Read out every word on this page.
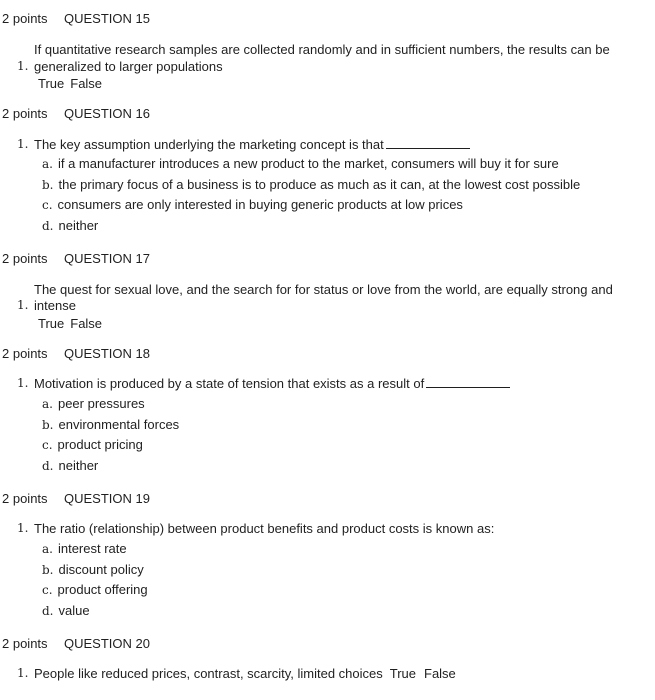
2 points QUESTION 15
If quantitative research samples are collected randomly and in sufficient numbers, the results can be
1. generalized to larger populations
True False
2 points QUESTION 16
1. The key assumption underlying the marketing concept is that
a. if a manufacturer introduces a new product to the market, consumers will buy it for sure
b. the primary focus of a business is to produce as much as it can, at the lowest cost possible
c. consumers are only interested in buying generic products at low prices
d. neither
2 points QUESTION 17
The quest for sexual love, and the search for for status or love from the world, are equally strong and
1. intense
True False
2 points QUESTION 18
1. Motivation is produced by a state of tension that exists as a result of
a. peer pressures
b. environmental forces
c. product pricing
d. neither
2 points QUESTION 19
1. The ratio (relationship) between product benefits and product costs is known as:
a. interest rate
b. discount policy
c. product offering
d. value
2 points QUESTION 20
1. People like reduced prices, contrast, scarcity, limited choices True False
